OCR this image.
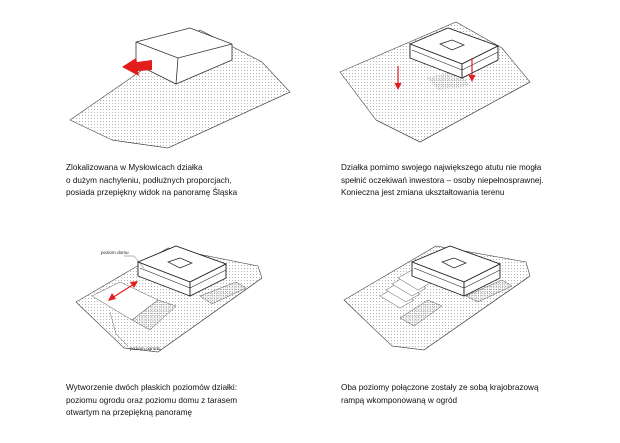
poziom domu
poziom ogrodu
Zlokalizowana w Mysłowicach działka
o dużym nachyleniu, podłużnych proporcjach,
posiada przepiękny widok na panoramę Śląska
Działka pomimo swojego największego atutu nie mogła
spełnić oczekiwań inwestora – osoby niepełnosprawnej.
Konieczna jest zmiana ukształtowania terenu
Wytworzenie dwóch płaskich poziomów działki:
poziomu ogrodu oraz poziomu domu z tarasem
otwartym na przepiękną panoramę
Oba poziomy połączone zostały ze sobą krajobrazową
rampą wkomponowaną w ogród
